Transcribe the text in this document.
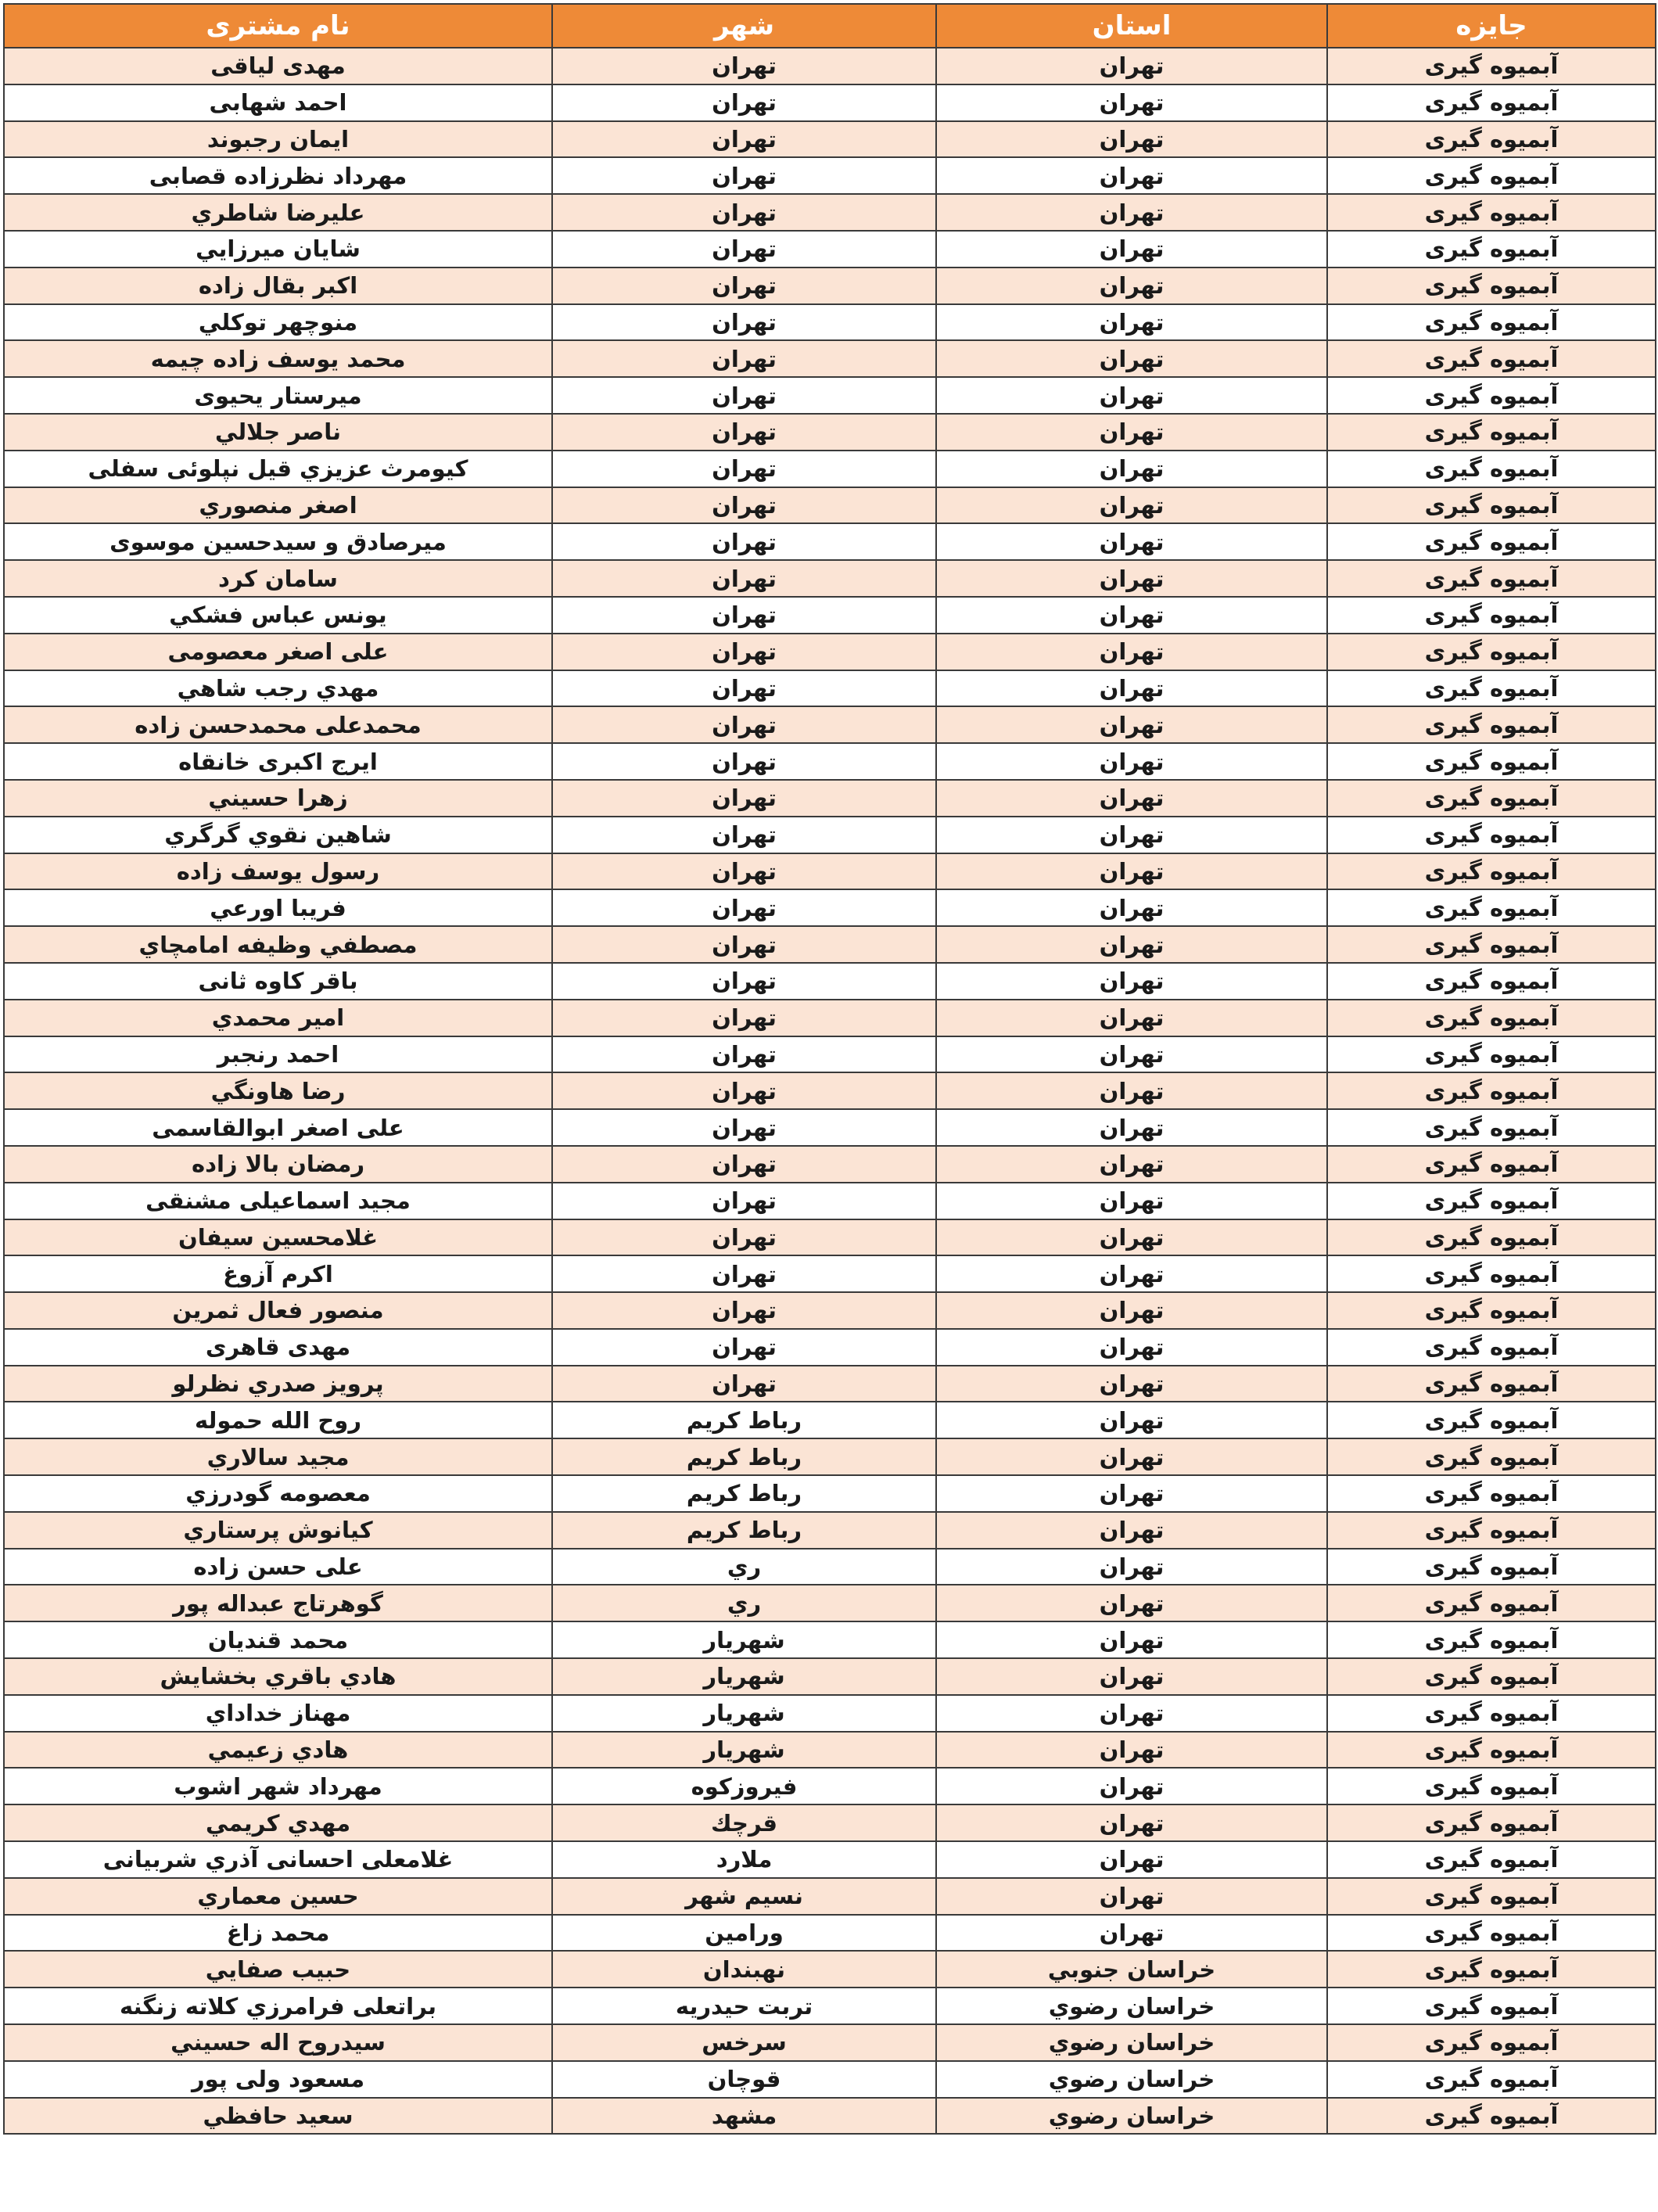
نام مشتری	شهر	استان	جایزه
مهدی لیاقی	تهران	تهران	آبمیوه گیری
احمد شهابی	تهران	تهران	آبمیوه گیری
ایمان رجبوند	تهران	تهران	آبمیوه گیری
مهرداد نظرزاده قصابی	تهران	تهران	آبمیوه گیری
عليرضا شاطري	تهران	تهران	آبمیوه گیری
شايان ميرزايي	تهران	تهران	آبمیوه گیری
اكبر بقال زاده	تهران	تهران	آبمیوه گیری
منوچهر توكلي	تهران	تهران	آبمیوه گیری
محمد يوسف زاده چيمه	تهران	تهران	آبمیوه گیری
ميرستار يحيوی	تهران	تهران	آبمیوه گیری
ناصر جلالي	تهران	تهران	آبمیوه گیری
كيومرث عزيزي قيل نپلوئی سفلی	تهران	تهران	آبمیوه گیری
اصغر منصوري	تهران	تهران	آبمیوه گیری
ميرصادق و سيدحسين موسوی	تهران	تهران	آبمیوه گیری
سامان كرد	تهران	تهران	آبمیوه گیری
يونس عباس فشكي	تهران	تهران	آبمیوه گیری
علی اصغر معصومی	تهران	تهران	آبمیوه گیری
مهدي رجب شاهي	تهران	تهران	آبمیوه گیری
محمدعلی محمدحسن زاده	تهران	تهران	آبمیوه گیری
ایرج اکبری خانقاه	تهران	تهران	آبمیوه گیری
زهرا حسيني	تهران	تهران	آبمیوه گیری
شاهين نقوي گرگري	تهران	تهران	آبمیوه گیری
رسول يوسف زاده	تهران	تهران	آبمیوه گیری
فريبا اورعي	تهران	تهران	آبمیوه گیری
مصطفي وظيفه امامچاي	تهران	تهران	آبمیوه گیری
باقر كاوه ثانی	تهران	تهران	آبمیوه گیری
امير محمدي	تهران	تهران	آبمیوه گیری
احمد رنجبر	تهران	تهران	آبمیوه گیری
رضا هاونگي	تهران	تهران	آبمیوه گیری
علی اصغر ابوالقاسمی	تهران	تهران	آبمیوه گیری
رمضان بالا زاده	تهران	تهران	آبمیوه گیری
مجيد اسماعيلی مشنقی	تهران	تهران	آبمیوه گیری
غلامحسين سيفان	تهران	تهران	آبمیوه گیری
اكرم آزوغ	تهران	تهران	آبمیوه گیری
منصور فعال ثمرين	تهران	تهران	آبمیوه گیری
مهدی قاهری	تهران	تهران	آبمیوه گیری
پرويز صدري نظرلو	تهران	تهران	آبمیوه گیری
روح الله حموله	رباط كريم	تهران	آبمیوه گیری
مجيد سالاري	رباط كريم	تهران	آبمیوه گیری
معصومه گودرزي	رباط كريم	تهران	آبمیوه گیری
كيانوش پرستاري	رباط كريم	تهران	آبمیوه گیری
علی حسن زاده	ري	تهران	آبمیوه گیری
گوهرتاج عبداله پور	ري	تهران	آبمیوه گیری
محمد قنديان	شهريار	تهران	آبمیوه گیری
هادي باقري بخشايش	شهريار	تهران	آبمیوه گیری
مهناز خداداي	شهريار	تهران	آبمیوه گیری
هادي زعيمي	شهريار	تهران	آبمیوه گیری
مهرداد شهر اشوب	فيروزكوه	تهران	آبمیوه گیری
مهدي كريمي	قرچك	تهران	آبمیوه گیری
غلامعلی احسانی آذري شربيانی	ملارد	تهران	آبمیوه گیری
حسين معماري	نسيم شهر	تهران	آبمیوه گیری
محمد زاغ	ورامين	تهران	آبمیوه گیری
حبيب صفايي	نهبندان	خراسان جنوبي	آبمیوه گیری
براتعلی فرامرزي كلاته زنگنه	تربت حيدريه	خراسان رضوي	آبمیوه گیری
سيدروح اله حسيني	سرخس	خراسان رضوي	آبمیوه گیری
مسعود ولی پور	قوچان	خراسان رضوي	آبمیوه گیری
سعيد حافظي	مشهد	خراسان رضوي	آبمیوه گیری
